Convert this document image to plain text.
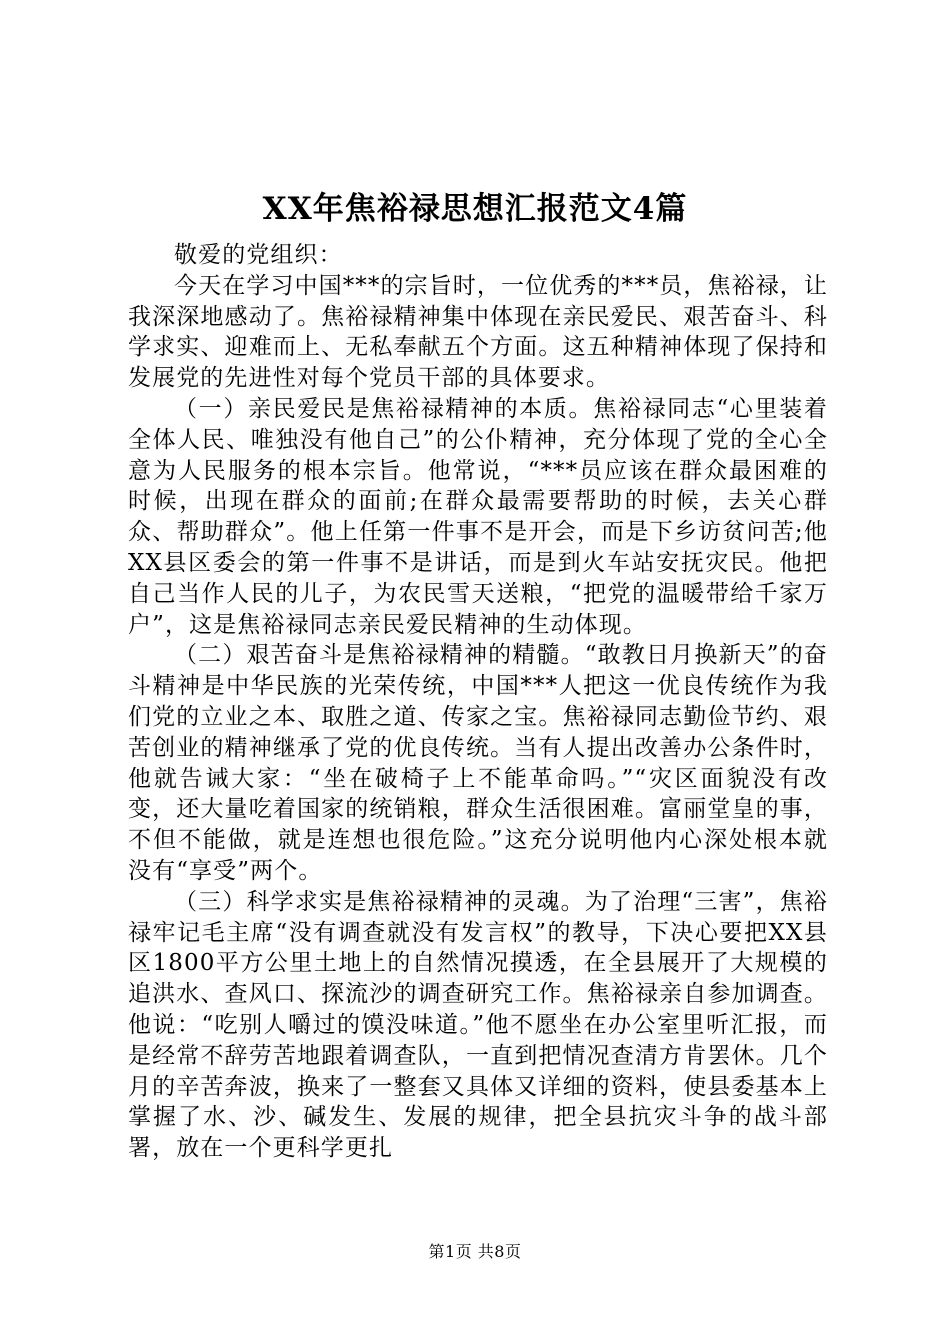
XX年焦裕禄思想汇报范文4篇

敬爱的党组织：

今天在学习中国***的宗旨时，一位优秀的***员，焦裕禄，让我深深地感动了。焦裕禄精神集中体现在亲民爱民、艰苦奋斗、科学求实、迎难而上、无私奉献五个方面。这五种精神体现了保持和发展党的先进性对每个党员干部的具体要求。

（一）亲民爱民是焦裕禄精神的本质。焦裕禄同志“心里装着全体人民、唯独没有他自己”的公仆精神，充分体现了党的全心全意为人民服务的根本宗旨。他常说，“***员应该在群众最困难的时候，出现在群众的面前;在群众最需要帮助的时候，去关心群众、帮助群众”。他上任第一件事不是开会，而是下乡访贫问苦;他XX县区委会的第一件事不是讲话，而是到火车站安抚灾民。他把自己当作人民的儿子，为农民雪天送粮，“把党的温暖带给千家万户”，这是焦裕禄同志亲民爱民精神的生动体现。

（二）艰苦奋斗是焦裕禄精神的精髓。“敢教日月换新天”的奋斗精神是中华民族的光荣传统，中国***人把这一优良传统作为我们党的立业之本、取胜之道、传家之宝。焦裕禄同志勤俭节约、艰苦创业的精神继承了党的优良传统。当有人提出改善办公条件时，他就告诫大家：“坐在破椅子上不能革命吗。”“灾区面貌没有改变，还大量吃着国家的统销粮，群众生活很困难。富丽堂皇的事，不但不能做，就是连想也很危险。”这充分说明他内心深处根本就没有“享受”两个。

（三）科学求实是焦裕禄精神的灵魂。为了治理“三害”，焦裕禄牢记毛主席“没有调查就没有发言权”的教导，下决心要把XX县区1800平方公里土地上的自然情况摸透，在全县展开了大规模的追洪水、查风口、探流沙的调查研究工作。焦裕禄亲自参加调查。他说：“吃别人嚼过的馍没味道。”他不愿坐在办公室里听汇报，而是经常不辞劳苦地跟着调查队，一直到把情况查清方肯罢休。几个月的辛苦奔波，换来了一整套又具体又详细的资料，使县委基本上掌握了水、沙、碱发生、发展的规律，把全县抗灾斗争的战斗部署，放在一个更科学更扎

第1页 共8页
